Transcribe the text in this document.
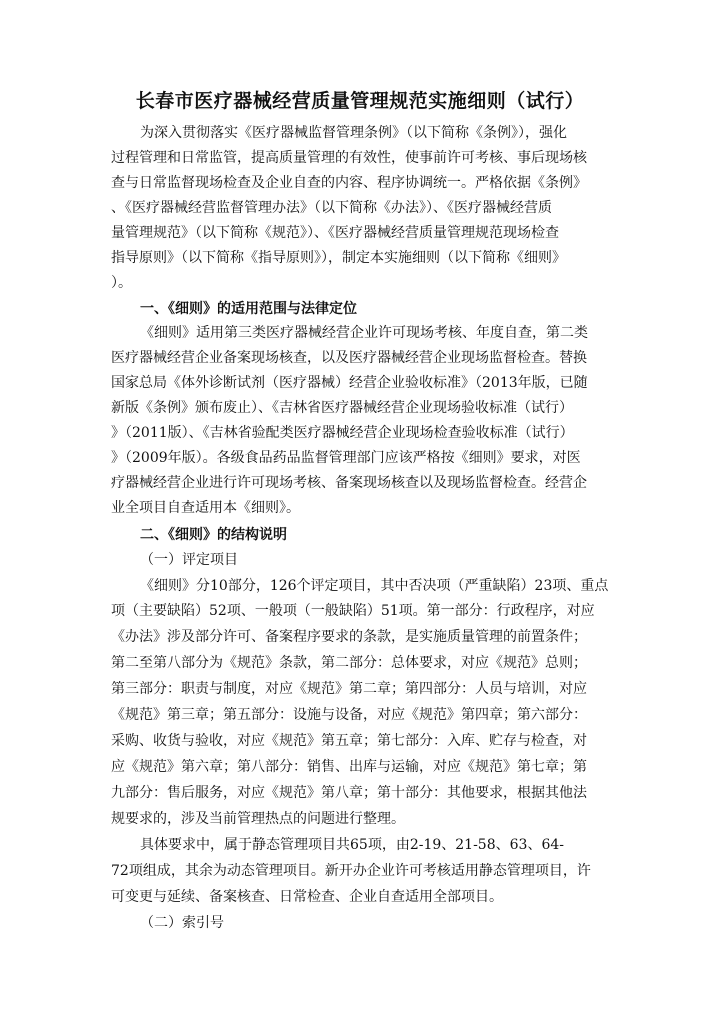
长春市医疗器械经营质量管理规范实施细则（试行）
为深入贯彻落实《医疗器械监督管理条例》（以下简称《条例》），强化
过程管理和日常监管，提高质量管理的有效性，使事前许可考核、事后现场核
查与日常监督现场检查及企业自查的内容、程序协调统一。严格依据《条例》
、《医疗器械经营监督管理办法》（以下简称《办法》）、《医疗器械经营质
量管理规范》（以下简称《规范》）、《医疗器械经营质量管理规范现场检查
指导原则》（以下简称《指导原则》），制定本实施细则（以下简称《细则》
）。
一、《细则》的适用范围与法律定位
《细则》适用第三类医疗器械经营企业许可现场考核、年度自查，第二类
医疗器械经营企业备案现场核查，以及医疗器械经营企业现场监督检查。替换
国家总局《体外诊断试剂（医疗器械）经营企业验收标准》（2013年版，已随
新版《条例》颁布废止）、《吉林省医疗器械经营企业现场验收标准（试行）
》（2011版）、《吉林省验配类医疗器械经营企业现场检查验收标准（试行）
》（2009年版）。各级食品药品监督管理部门应该严格按《细则》要求，对医
疗器械经营企业进行许可现场考核、备案现场核查以及现场监督检查。经营企
业全项目自查适用本《细则》。
二、《细则》的结构说明
（一）评定项目
《细则》分10部分，126个评定项目，其中否决项（严重缺陷）23项、重点
项（主要缺陷）52项、一般项（一般缺陷）51项。第一部分：行政程序，对应
《办法》涉及部分许可、备案程序要求的条款，是实施质量管理的前置条件；
第二至第八部分为《规范》条款，第二部分：总体要求，对应《规范》总则；
第三部分：职责与制度，对应《规范》第二章；第四部分：人员与培训，对应
《规范》第三章；第五部分：设施与设备，对应《规范》第四章；第六部分：
采购、收货与验收，对应《规范》第五章；第七部分：入库、贮存与检查，对
应《规范》第六章；第八部分：销售、出库与运输，对应《规范》第七章；第
九部分：售后服务，对应《规范》第八章；第十部分：其他要求，根据其他法
规要求的，涉及当前管理热点的问题进行整理。
具体要求中，属于静态管理项目共65项，由2-19、21-58、63、64-
72项组成，其余为动态管理项目。新开办企业许可考核适用静态管理项目，许
可变更与延续、备案核查、日常检查、企业自查适用全部项目。
（二）索引号
